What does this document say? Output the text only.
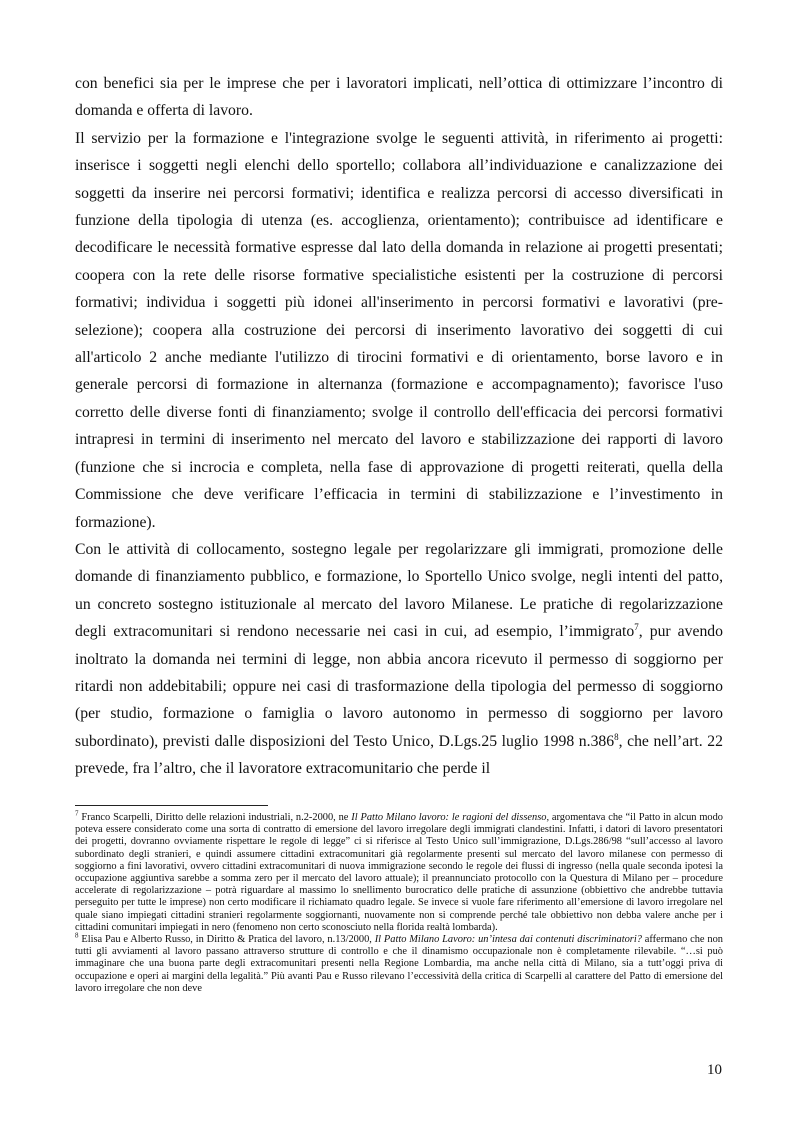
con benefici sia per le imprese che per i lavoratori implicati, nell’ottica di ottimizzare l’incontro di domanda e offerta di lavoro.

Il servizio per la formazione e l'integrazione svolge le seguenti attività, in riferimento ai progetti: inserisce i soggetti negli elenchi dello sportello; collabora all’individuazione e canalizzazione dei soggetti da inserire nei percorsi formativi; identifica e realizza percorsi di accesso diversificati in funzione della tipologia di utenza (es. accoglienza, orientamento); contribuisce ad identificare e decodificare le necessità formative espresse dal lato della domanda in relazione ai progetti presentati; coopera con la rete delle risorse formative specialistiche esistenti per la costruzione di percorsi formativi; individua i soggetti più idonei all'inserimento in percorsi formativi e lavorativi (pre-selezione); coopera alla costruzione dei percorsi di inserimento lavorativo dei soggetti di cui all'articolo 2 anche mediante l'utilizzo di tirocini formativi e di orientamento, borse lavoro e in generale percorsi di formazione in alternanza (formazione e accompagnamento); favorisce l'uso corretto delle diverse fonti di finanziamento; svolge il controllo dell'efficacia dei percorsi formativi intrapresi in termini di inserimento nel mercato del lavoro e stabilizzazione dei rapporti di lavoro (funzione che si incrocia e completa, nella fase di approvazione di progetti reiterati, quella della Commissione che deve verificare l’efficacia in termini di stabilizzazione e l’investimento in formazione).

Con le attività di collocamento, sostegno legale per regolarizzare gli immigrati, promozione delle domande di finanziamento pubblico, e formazione, lo Sportello Unico svolge, negli intenti del patto, un concreto sostegno istituzionale al mercato del lavoro Milanese. Le pratiche di regolarizzazione degli extracomunitari si rendono necessarie nei casi in cui, ad esempio, l’immigrato$^7$, pur avendo inoltrato la domanda nei termini di legge, non abbia ancora ricevuto il permesso di soggiorno per ritardi non addebitabili; oppure nei casi di trasformazione della tipologia del permesso di soggiorno (per studio, formazione o famiglia o lavoro autonomo in permesso di soggiorno per lavoro subordinato), previsti dalle disposizioni del Testo Unico, D.Lgs.25 luglio 1998 n.386$^8$, che nell’art. 22 prevede, fra l’altro, che il lavoratore extracomunitario che perde il

$^7$ Franco Scarpelli, Diritto delle relazioni industriali, n.2-2000, ne Il Patto Milano lavoro: le ragioni del dissenso, argomentava che “il Patto in alcun modo poteva essere considerato come una sorta di contratto di emersione del lavoro irregolare degli immigrati clandestini. Infatti, i datori di lavoro presentatori dei progetti, dovranno ovviamente rispettare le regole di legge” ci si riferisce al Testo Unico sull’immigrazione, D.Lgs.286/98 “sull’accesso al lavoro subordinato degli stranieri, e quindi assumere cittadini extracomunitari già regolarmente presenti sul mercato del lavoro milanese con permesso di soggiorno a fini lavorativi, ovvero cittadini extracomunitari di nuova immigrazione secondo le regole dei flussi di ingresso (nella quale seconda ipotesi la occupazione aggiuntiva sarebbe a somma zero per il mercato del lavoro attuale); il preannunciato protocollo con la Questura di Milano per – procedure accelerate di regolarizzazione – potrà riguardare al massimo lo snellimento burocratico delle pratiche di assunzione (obbiettivo che andrebbe tuttavia perseguito per tutte le imprese) non certo modificare il richiamato quadro legale. Se invece si vuole fare riferimento all’emersione di lavoro irregolare nel quale siano impiegati cittadini stranieri regolarmente soggiornanti, nuovamente non si comprende perché tale obbiettivo non debba valere anche per i cittadini comunitari impiegati in nero (fenomeno non certo sconosciuto nella florida realtà lombarda).

$^8$ Elisa Pau e Alberto Russo, in Diritto & Pratica del lavoro, n.13/2000, Il Patto Milano Lavoro: un’intesa dai contenuti discriminatori? affermano che non tutti gli avviamenti al lavoro passano attraverso strutture di controllo e che il dinamismo occupazionale non è completamente rilevabile. “…si può immaginare che una buona parte degli extracomunitari presenti nella Regione Lombardia, ma anche nella città di Milano, sia a tutt’oggi priva di occupazione e operi ai margini della legalità.” Più avanti Pau e Russo rilevano l’eccessività della critica di Scarpelli al carattere del Patto di emersione del lavoro irregolare che non deve

10
